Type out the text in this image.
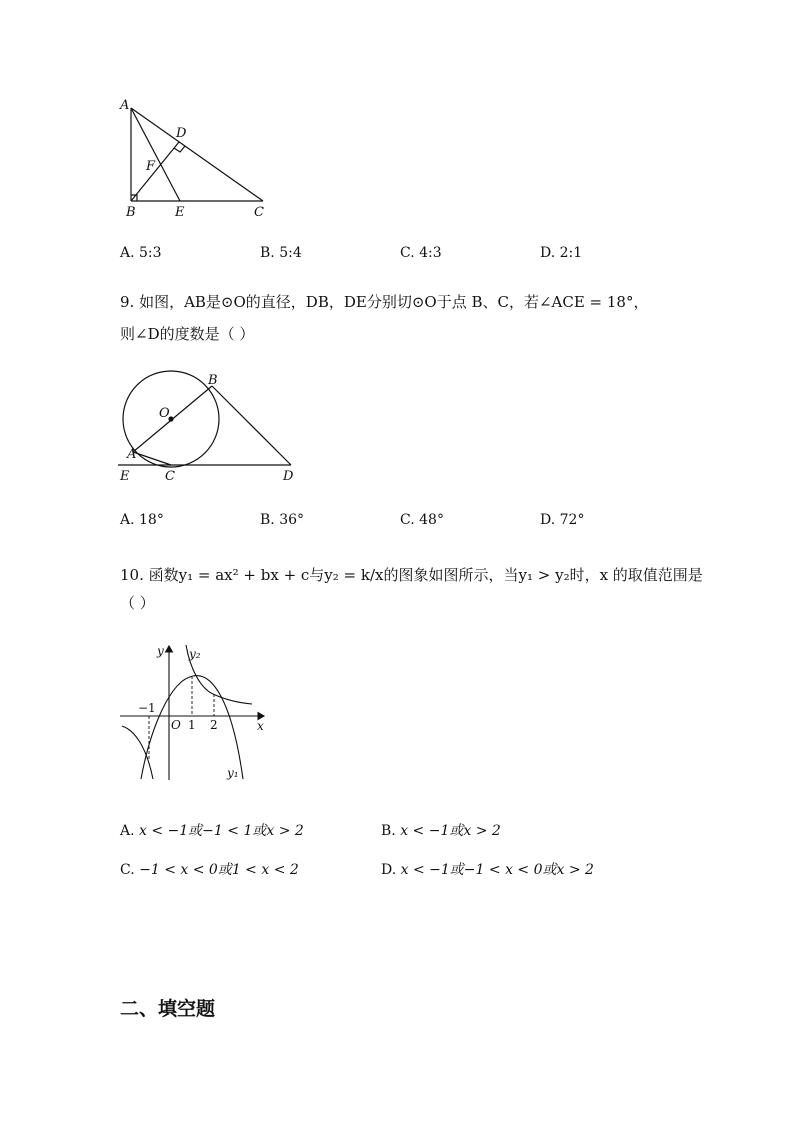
A
D
F
B	E	C
A. 5:3	B. 5:4	C. 4:3	D. 2:1
9. 如图，AB是⊙O的直径，DB，DE分别切⊙O于点 B、C，若∠ACE = 18°，
则∠D的度数是（ ）
B
O
A
E	C	D
A. 18°	B. 36°	C. 48°	D. 72°
10. 函数y₁ = ax² + bx + c与y₂ = k/x的图象如图所示，当y₁ > y₂时，x 的取值范围是
（ ）
y y₂
y₁
O	x
−1
1 2
A. x < −1或−1 < 1或x > 2	B. x < −1或x > 2
C. −1 < x < 0或1 < x < 2	D. x < −1或−1 < x < 0或x > 2
二、填空题
